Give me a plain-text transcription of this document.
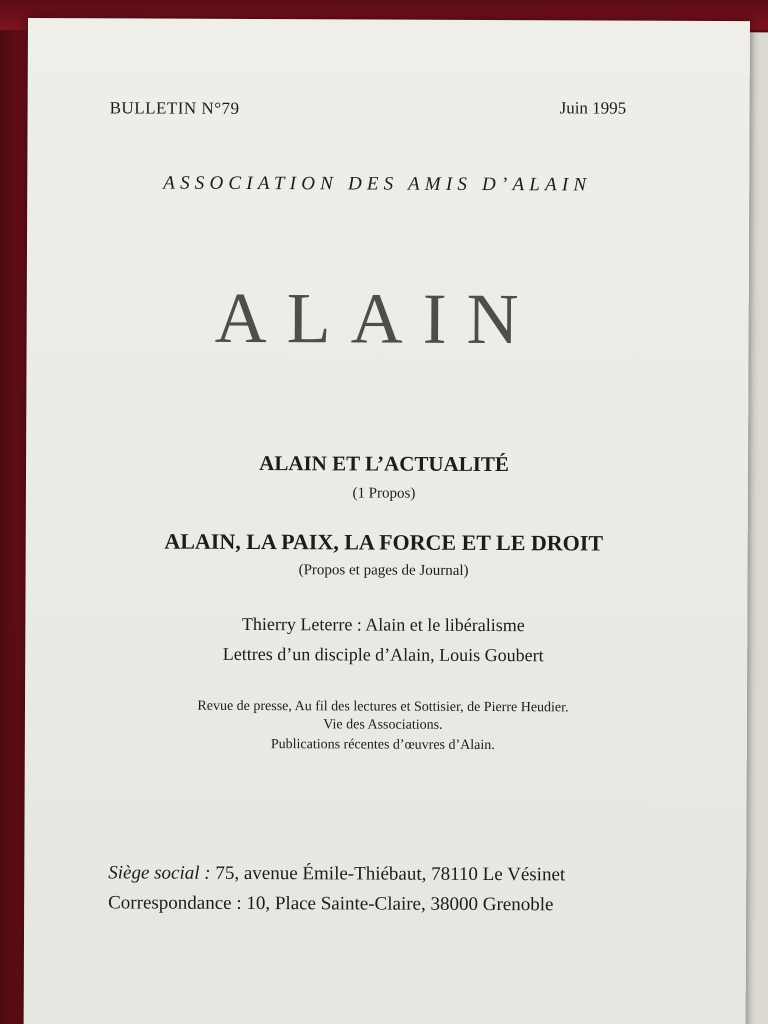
BULLETIN N°79	Juin 1995
ASSOCIATION DES AMIS D’ALAIN
ALAIN
ALAIN ET L’ACTUALITÉ
(1 Propos)
ALAIN, LA PAIX, LA FORCE ET LE DROIT
(Propos et pages de Journal)
Thierry Leterre : Alain et le libéralisme
Lettres d’un disciple d’Alain, Louis Goubert
Revue de presse, Au fil des lectures et Sottisier, de Pierre Heudier.
Vie des Associations.
Publications récentes d’œuvres d’Alain.
Siège social : 75, avenue Émile-Thiébaut, 78110 Le Vésinet
Correspondance : 10, Place Sainte-Claire, 38000 Grenoble
